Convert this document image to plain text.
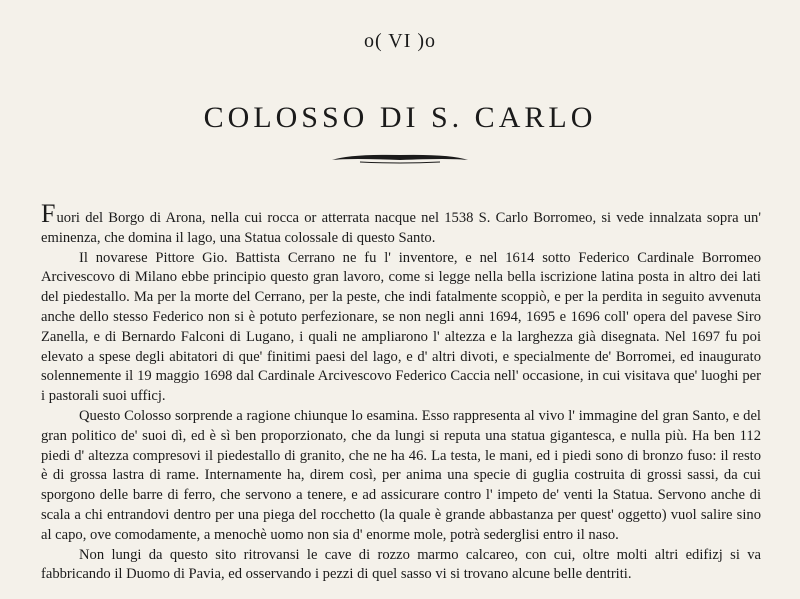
o( VI )o
COLOSSO DI S. CARLO

Fuori del Borgo di Arona, nella cui rocca or atterrata nacque nel 1538 S. Carlo Borromeo, si vede innalzata sopra un' eminenza, che domina il lago, una Statua colossale di questo Santo.

Il novarese Pittore Gio. Battista Cerrano ne fu l' inventore, e nel 1614 sotto Federico Cardinale Borromeo Arcivescovo di Milano ebbe principio questo gran lavoro, come si legge nella bella iscrizione latina posta in altro dei lati del piedestallo. Ma per la morte del Cerrano, per la peste, che indi fatalmente scoppiò, e per la perdita in seguito avvenuta anche dello stesso Federico non si è potuto perfezionare, se non negli anni 1694, 1695 e 1696 coll' opera del pavese Siro Zanella, e di Bernardo Falconi di Lugano, i quali ne ampliarono l' altezza e la larghezza già disegnata. Nel 1697 fu poi elevato a spese degli abitatori di que' finitimi paesi del lago, e d' altri divoti, e specialmente de' Borromei, ed inaugurato solennemente il 19 maggio 1698 dal Cardinale Arcivescovo Federico Caccia nell' occasione, in cui visitava que' luoghi per i pastorali suoi ufficj.

Questo Colosso sorprende a ragione chiunque lo esamina. Esso rappresenta al vivo l' immagine del gran Santo, e del gran politico de' suoi dì, ed è sì ben proporzionato, che da lungi si reputa una statua gigantesca, e nulla più. Ha ben 112 piedi d' altezza compresovi il piedestallo di granito, che ne ha 46. La testa, le mani, ed i piedi sono di bronzo fuso: il resto è di grossa lastra di rame. Internamente ha, direm così, per anima una specie di guglia costruita di grossi sassi, da cui sporgono delle barre di ferro, che servono a tenere, e ad assicurare contro l' impeto de' venti la Statua. Servono anche di scala a chi entrandovi dentro per una piega del rocchetto (la quale è grande abbastanza per quest' oggetto) vuol salire sino al capo, ove comodamente, a menochè uomo non sia d' enorme mole, potrà sederglisi entro il naso.

Non lungi da questo sito ritrovansi le cave di rozzo marmo calcareo, con cui, oltre molti altri edifizj si va fabbricando il Duomo di Pavia, ed osservando i pezzi di quel sasso vi si trovano alcune belle dentriti.
